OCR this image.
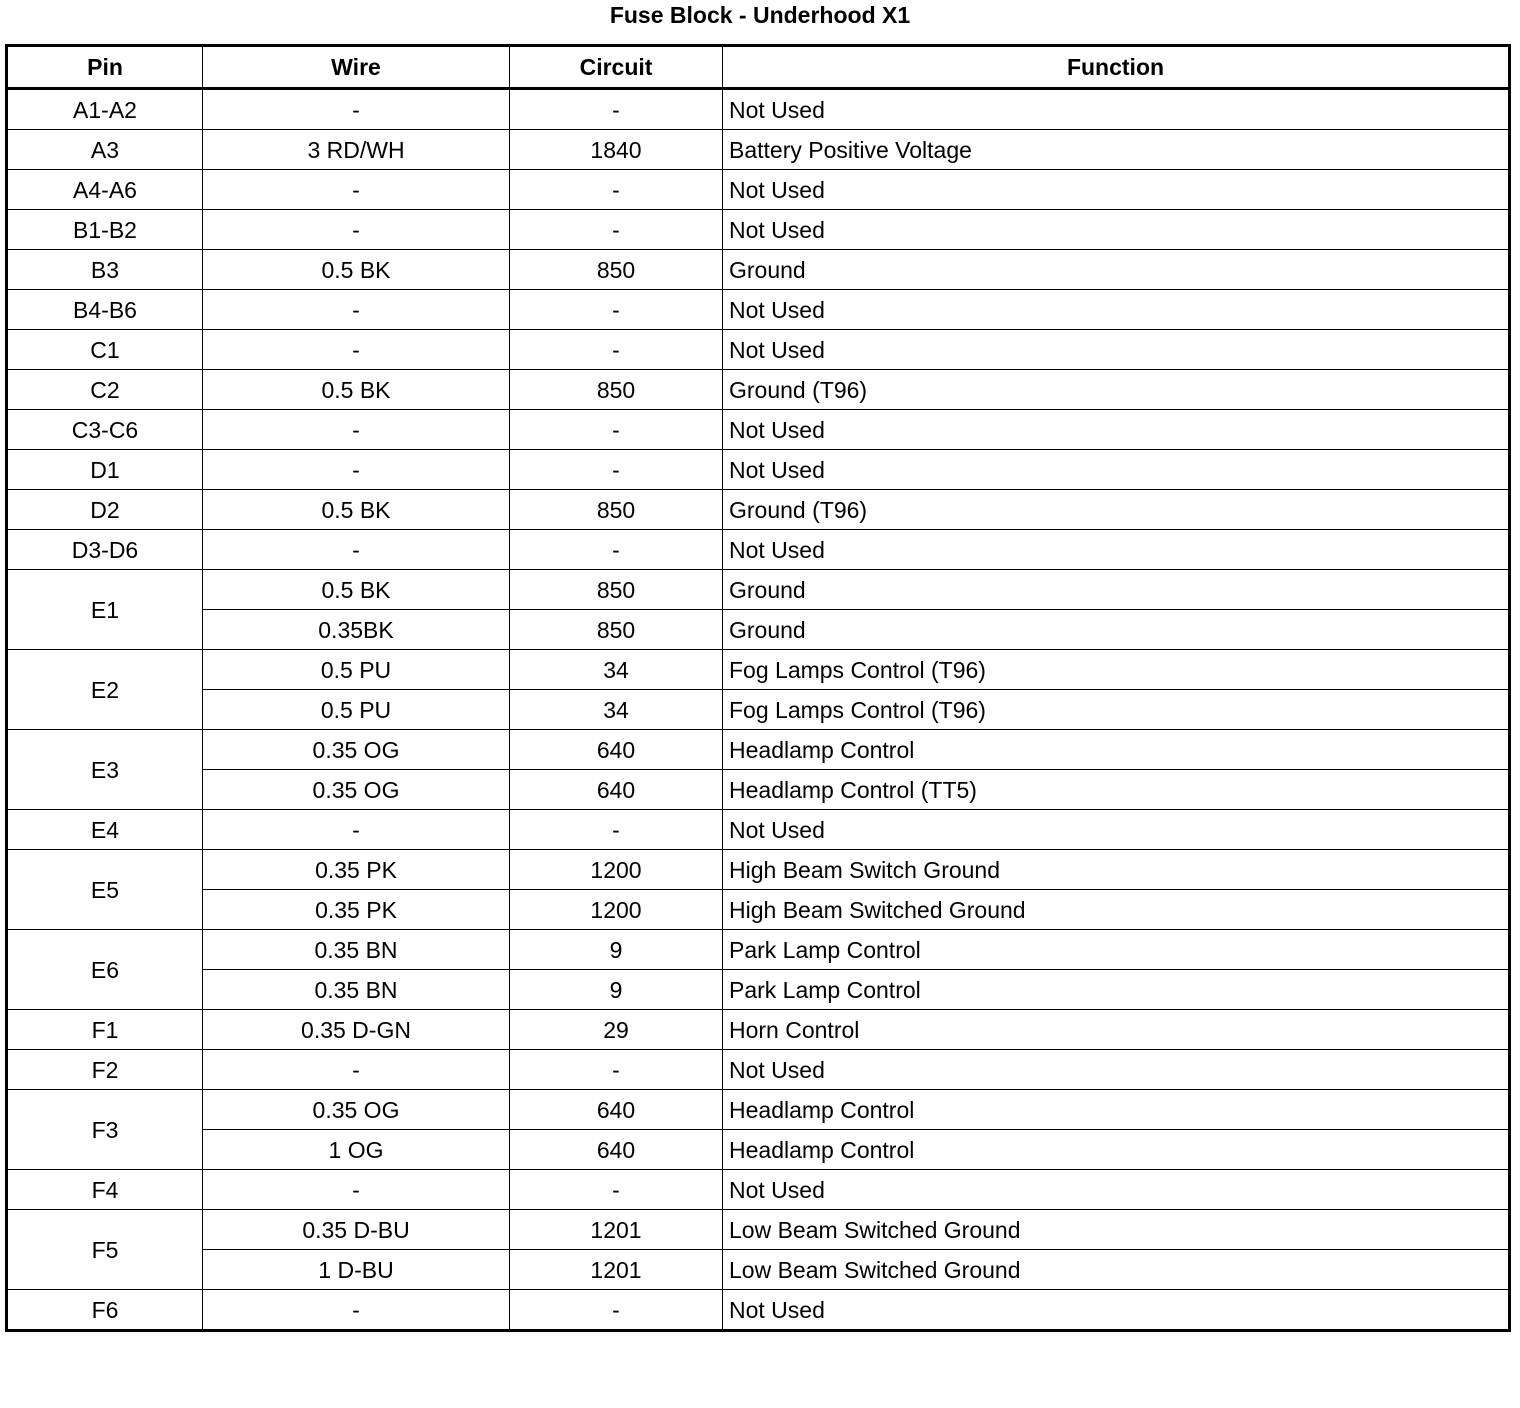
Fuse Block - Underhood X1
Pin	Wire	Circuit	Function
A1-A2	-	-	Not Used
A3	3 RD/WH	1840	Battery Positive Voltage
A4-A6	-	-	Not Used
B1-B2	-	-	Not Used
B3	0.5 BK	850	Ground
B4-B6	-	-	Not Used
C1	-	-	Not Used
C2	0.5 BK	850	Ground (T96)
C3-C6	-	-	Not Used
D1	-	-	Not Used
D2	0.5 BK	850	Ground (T96)
D3-D6	-	-	Not Used
E1	0.5 BK	850	Ground
	0.35BK	850	Ground
E2	0.5 PU	34	Fog Lamps Control (T96)
	0.5 PU	34	Fog Lamps Control (T96)
E3	0.35 OG	640	Headlamp Control
	0.35 OG	640	Headlamp Control (TT5)
E4	-	-	Not Used
E5	0.35 PK	1200	High Beam Switch Ground
	0.35 PK	1200	High Beam Switched Ground
E6	0.35 BN	9	Park Lamp Control
	0.35 BN	9	Park Lamp Control
F1	0.35 D-GN	29	Horn Control
F2	-	-	Not Used
F3	0.35 OG	640	Headlamp Control
	1 OG	640	Headlamp Control
F4	-	-	Not Used
F5	0.35 D-BU	1201	Low Beam Switched Ground
	1 D-BU	1201	Low Beam Switched Ground
F6	-	-	Not Used
